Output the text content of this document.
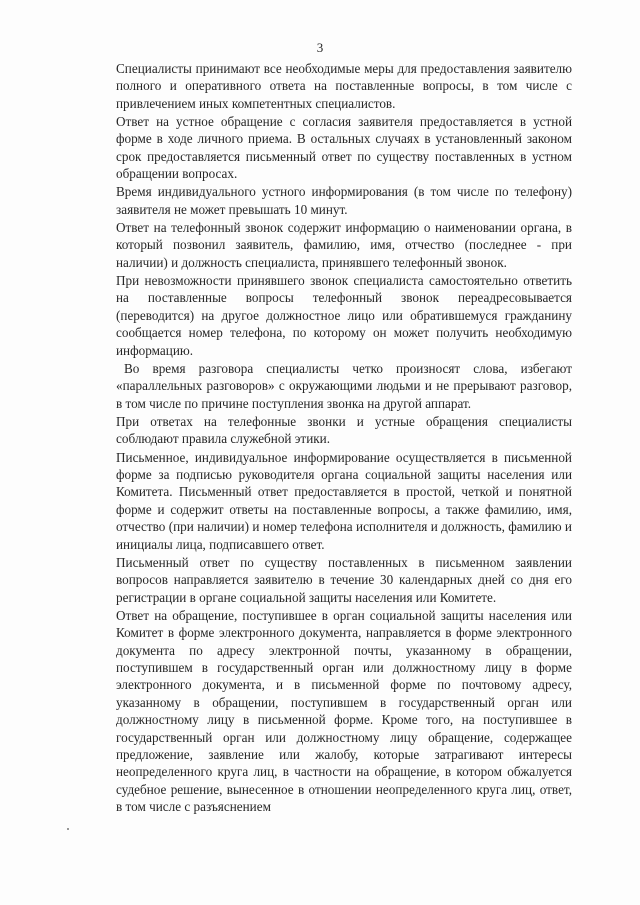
3

Специалисты принимают все необходимые меры для предоставления заявителю полного и оперативного ответа на поставленные вопросы, в том числе с привлечением иных компетентных специалистов.

Ответ на устное обращение с согласия заявителя предоставляется в устной форме в ходе личного приема. В остальных случаях в установленный законом срок предоставляется письменный ответ по существу поставленных в устном обращении вопросах.

Время индивидуального устного информирования (в том числе по телефону) заявителя не может превышать 10 минут.

Ответ на телефонный звонок содержит информацию о наименовании органа, в который позвонил заявитель, фамилию, имя, отчество (последнее - при наличии) и должность специалиста, принявшего телефонный звонок.

При невозможности принявшего звонок специалиста самостоятельно ответить на поставленные вопросы телефонный звонок переадресовывается (переводится) на другое должностное лицо или обратившемуся гражданину сообщается номер телефона, по которому он может получить необходимую информацию.

Во время разговора специалисты четко произносят слова, избегают «параллельных разговоров» с окружающими людьми и не прерывают разговор, в том числе по причине поступления звонка на другой аппарат.

При ответах на телефонные звонки и устные обращения специалисты соблюдают правила служебной этики.

Письменное, индивидуальное информирование осуществляется в письменной форме за подписью руководителя органа социальной защиты населения или Комитета. Письменный ответ предоставляется в простой, четкой и понятной форме и содержит ответы на поставленные вопросы, а также фамилию, имя, отчество (при наличии) и номер телефона исполнителя и должность, фамилию и инициалы лица, подписавшего ответ.

Письменный ответ по существу поставленных в письменном заявлении вопросов направляется заявителю в течение 30 календарных дней со дня его регистрации в органе социальной защиты населения или Комитете.

Ответ на обращение, поступившее в орган социальной защиты населения или Комитет в форме электронного документа, направляется в форме электронного документа по адресу электронной почты, указанному в обращении, поступившем в государственный орган или должностному лицу в форме электронного документа, и в письменной форме по почтовому адресу, указанному в обращении, поступившем в государственный орган или должностному лицу в письменной форме. Кроме того, на поступившее в государственный орган или должностному лицу обращение, содержащее предложение, заявление или жалобу, которые затрагивают интересы неопределенного круга лиц, в частности на обращение, в котором обжалуется судебное решение, вынесенное в отношении неопределенного круга лиц, ответ, в том числе с разъяснением
